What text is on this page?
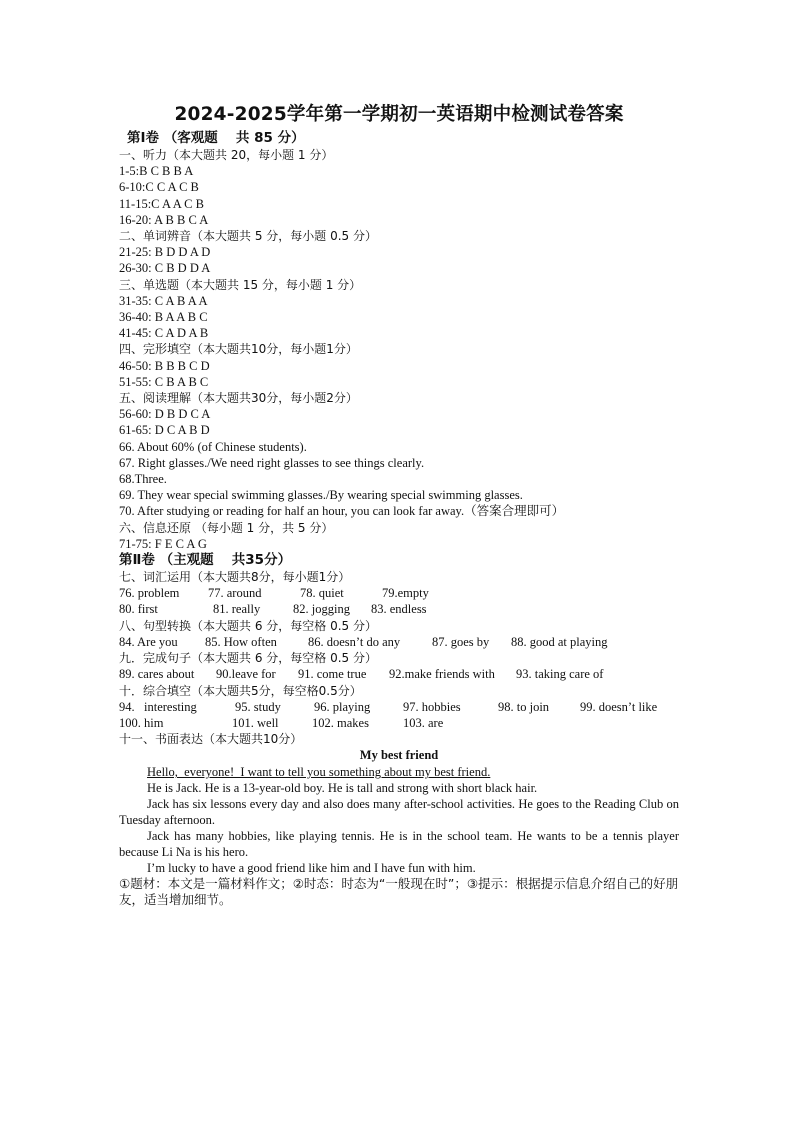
2024-2025学年第一学期初一英语期中检测试卷答案
第Ⅰ卷 （客观题　 共 85 分）
一、听力（本大题共 20，每小题 1 分）
1-5:B C B B A
6-10:C C A C B
11-15:C A A C B
16-20: A B B C A
二、单词辨音（本大题共 5 分，每小题 0.5 分）
21-25: B D D A D
26-30: C B D D A
三、单选题（本大题共 15 分，每小题 1 分）
31-35: C A B A A
36-40: B A A B C
41-45: C A D A B
四、完形填空（本大题共10分，每小题1分）
46-50: B B B C D
51-55: C B A B C
五、阅读理解（本大题共30分，每小题2分）
56-60: D B D C A
61-65: D C A B D
66. About 60% (of Chinese students).
67. Right glasses./We need right glasses to see things clearly.
68.Three.
69. They wear special swimming glasses./By wearing special swimming glasses.
70. After studying or reading for half an hour, you can look far away.（答案合理即可）
六、信息还原 （每小题 1 分，共 5 分）
71-75: F E C A G
第Ⅱ卷 （主观题　 共35分）
七、词汇运用（本大题共8分，每小题1分）
76. problem	77. around	78. quiet	79.empty
80. first	81. really	82. jogging	83. endless
八、句型转换（本大题共 6 分，每空格 0.5 分）
84. Are you	85. How often	86. doesn’t do any	87. goes by	88. good at playing
九．完成句子（本大题共 6 分，每空格 0.5 分）
89. cares about	90.leave for	91. come true	92.make friends with	93. taking care of
十．综合填空（本大题共5分，每空格0.5分）
94.   interesting	95. study	96. playing	97. hobbies	98. to join	99. doesn’t like
100. him	101. well	102. makes	103. are
十一、书面表达（本大题共10分）
My best friend
Hello,  everyone!  I want to tell you something about my best friend.
He is Jack. He is a 13-year-old boy. He is tall and strong with short black hair.
Jack has six lessons every day and also does many after-school activities. He goes to the Reading Club on Tuesday afternoon.
Jack has many hobbies, like playing tennis. He is in the school team. He wants to be a tennis player because Li Na is his hero.
I’m lucky to have a good friend like him and I have fun with him.
①题材：本文是一篇材料作文；②时态：时态为“一般现在时”；③提示：根据提示信息介绍自己的好朋友，适当增加细节。
